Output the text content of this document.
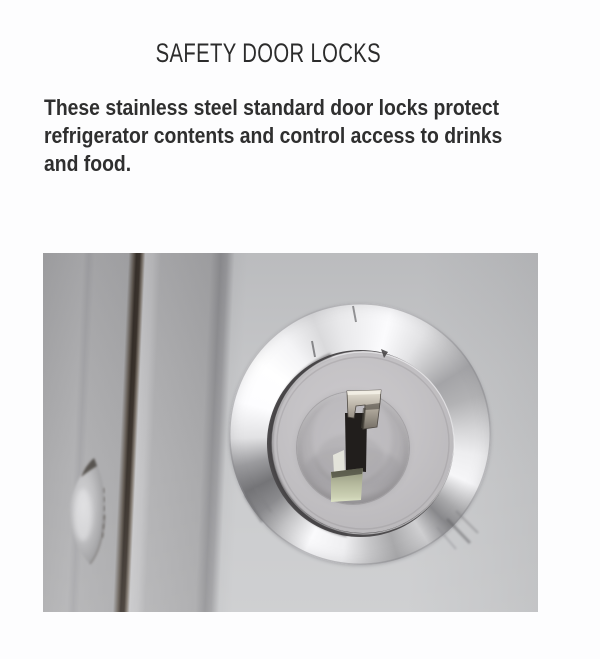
SAFETY DOOR LOCKS

These stainless steel standard door locks protect
refrigerator contents and control access to drinks
and food.
